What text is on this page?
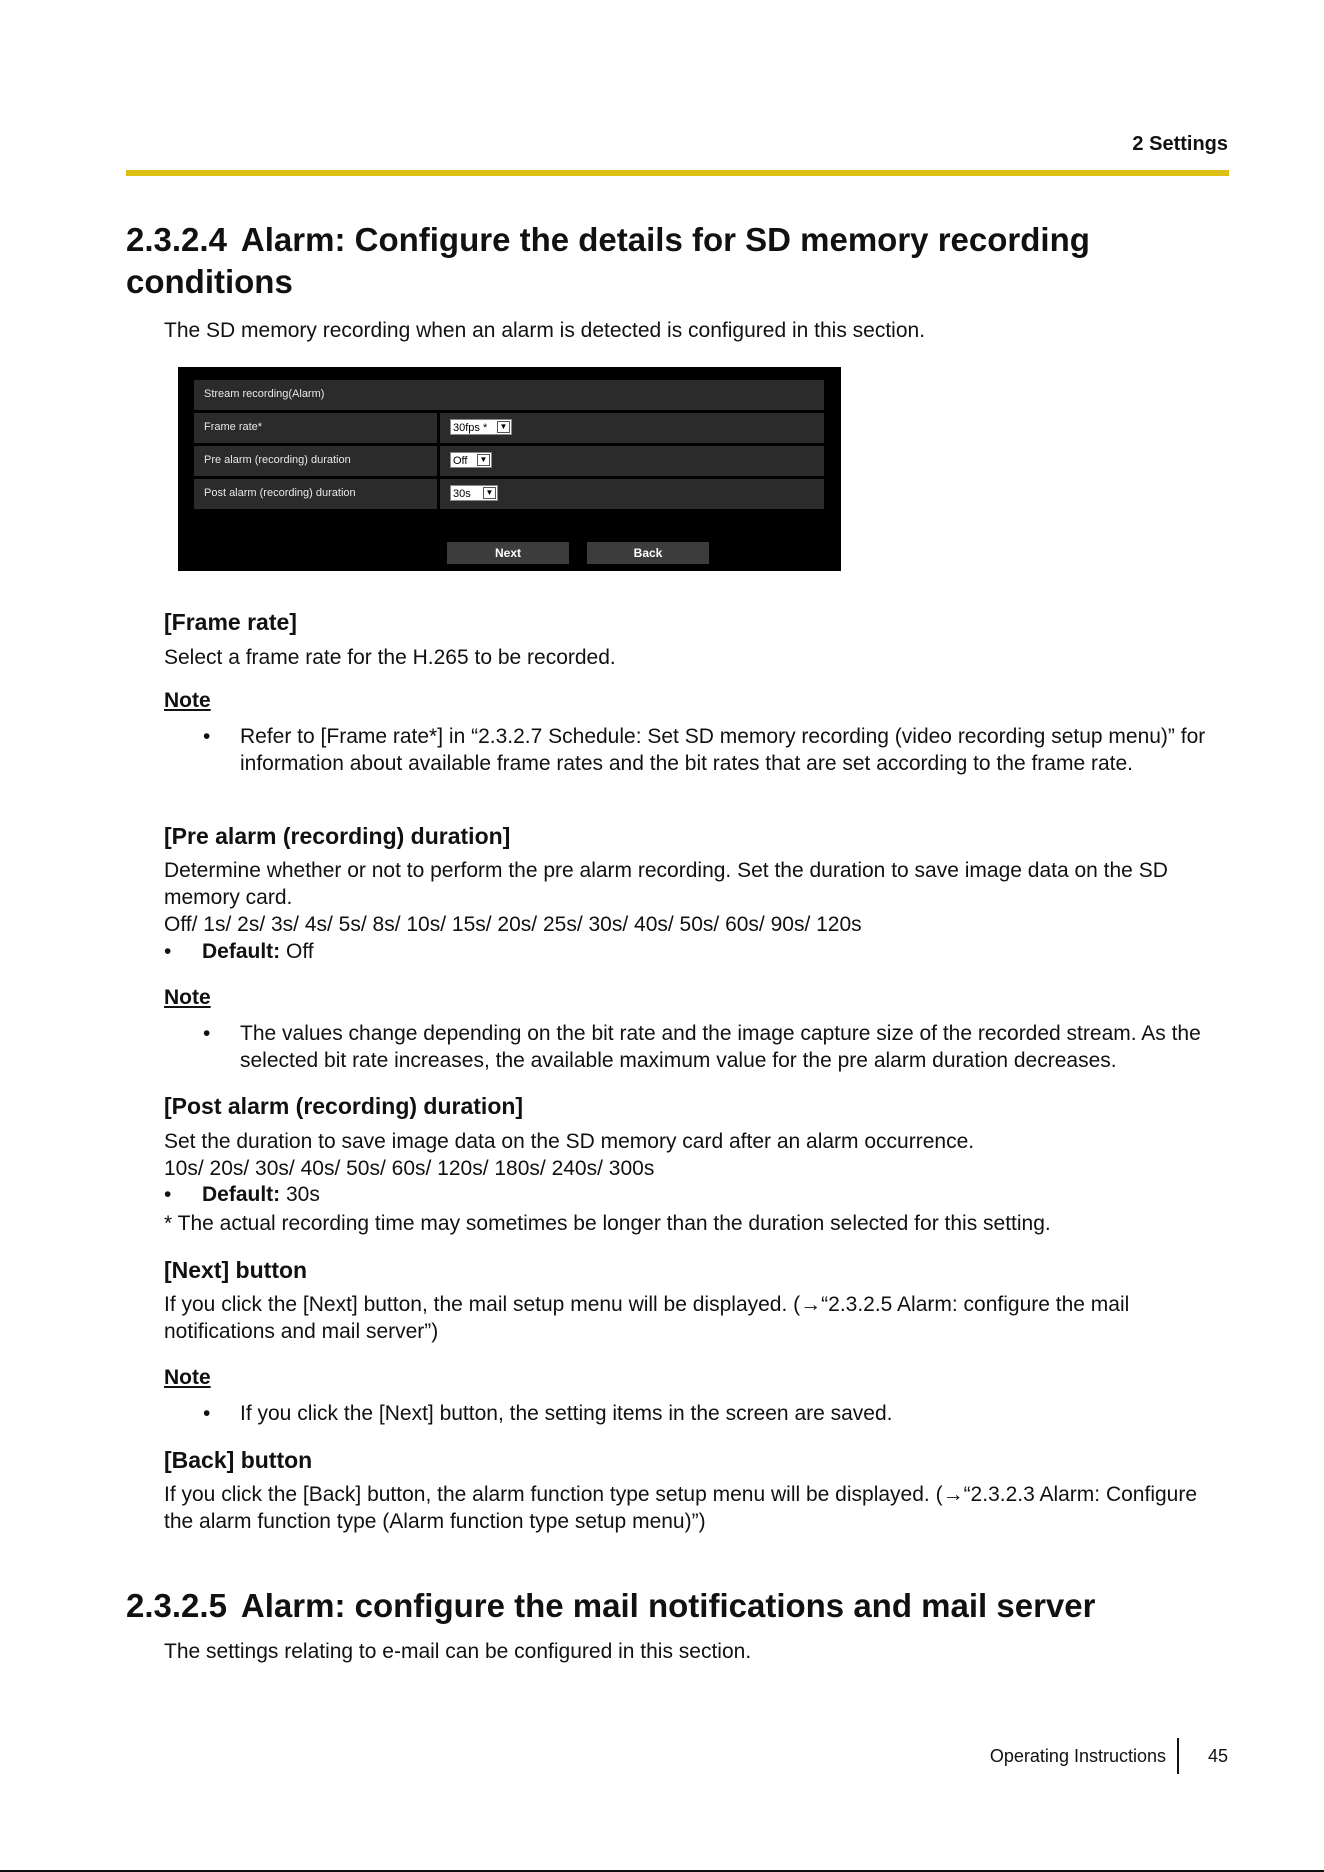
2 Settings
2.3.2.4 Alarm: Configure the details for SD memory recording
conditions
The SD memory recording when an alarm is detected is configured in this section.
Stream recording(Alarm)
Frame rate*	30fps *	▼
Pre alarm (recording) duration	Off	▼
Post alarm (recording) duration	30s	▼
Next	Back
[Frame rate]
Select a frame rate for the H.265 to be recorded.
Note
• Refer to [Frame rate*] in “2.3.2.7 Schedule: Set SD memory recording (video recording setup menu)” for information about available frame rates and the bit rates that are set according to the frame rate.
[Pre alarm (recording) duration]
Determine whether or not to perform the pre alarm recording. Set the duration to save image data on the SD memory card.
Off/ 1s/ 2s/ 3s/ 4s/ 5s/ 8s/ 10s/ 15s/ 20s/ 25s/ 30s/ 40s/ 50s/ 60s/ 90s/ 120s
• Default: Off
Note
• The values change depending on the bit rate and the image capture size of the recorded stream. As the selected bit rate increases, the available maximum value for the pre alarm duration decreases.
[Post alarm (recording) duration]
Set the duration to save image data on the SD memory card after an alarm occurrence.
10s/ 20s/ 30s/ 40s/ 50s/ 60s/ 120s/ 180s/ 240s/ 300s
• Default: 30s
* The actual recording time may sometimes be longer than the duration selected for this setting.
[Next] button
If you click the [Next] button, the mail setup menu will be displayed. (→“2.3.2.5 Alarm: configure the mail notifications and mail server”)
Note
• If you click the [Next] button, the setting items in the screen are saved.
[Back] button
If you click the [Back] button, the alarm function type setup menu will be displayed. (→“2.3.2.3 Alarm: Configure the alarm function type (Alarm function type setup menu)”)
2.3.2.5 Alarm: configure the mail notifications and mail server
The settings relating to e-mail can be configured in this section.
Operating Instructions 45
